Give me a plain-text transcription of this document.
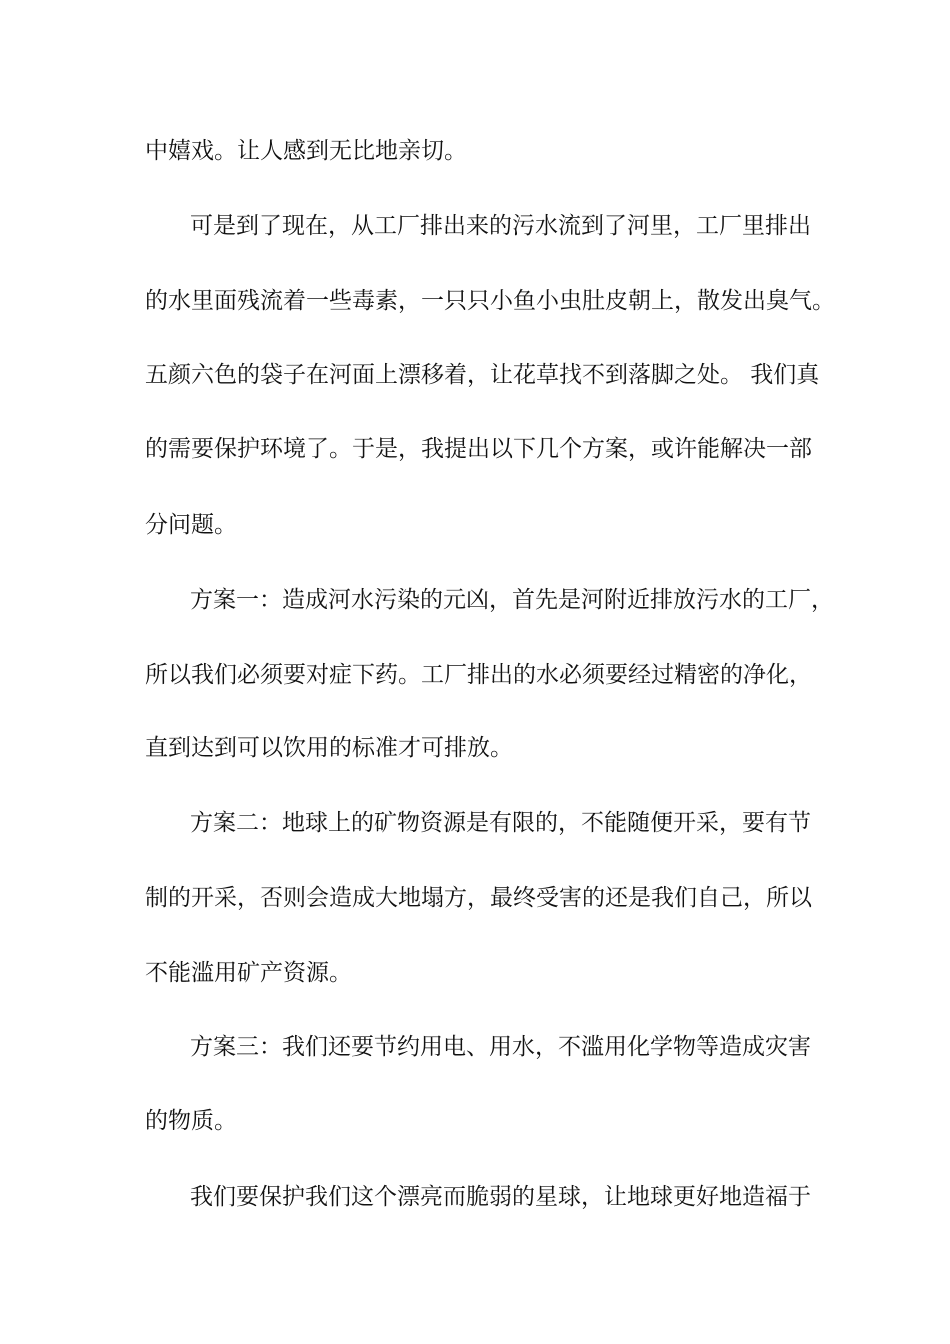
中嬉戏。让人感到无比地亲切。
可是到了现在，从工厂排出来的污水流到了河里，工厂里排出
的水里面残流着一些毒素，一只只小鱼小虫肚皮朝上，散发出臭气。
五颜六色的袋子在河面上漂移着，让花草找不到落脚之处。 我们真
的需要保护环境了。于是，我提出以下几个方案，或许能解决一部
分问题。
方案一：造成河水污染的元凶，首先是河附近排放污水的工厂，
所以我们必须要对症下药。工厂排出的水必须要经过精密的净化，
直到达到可以饮用的标准才可排放。
方案二：地球上的矿物资源是有限的，不能随便开采，要有节
制的开采，否则会造成大地塌方，最终受害的还是我们自己，所以
不能滥用矿产资源。
方案三：我们还要节约用电、用水，不滥用化学物等造成灾害
的物质。
我们要保护我们这个漂亮而脆弱的星球，让地球更好地造福于
